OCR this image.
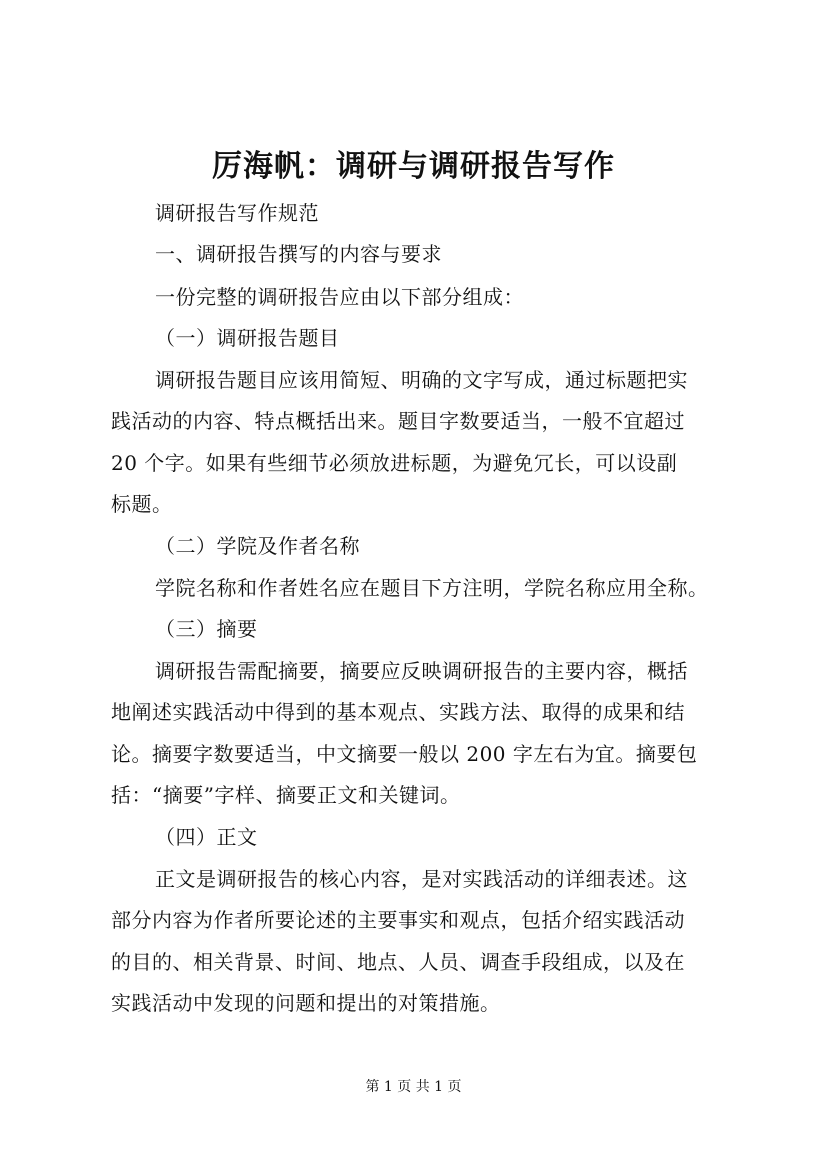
厉海帆：调研与调研报告写作
调研报告写作规范
一、调研报告撰写的内容与要求
一份完整的调研报告应由以下部分组成：
（一）调研报告题目
调研报告题目应该用简短、明确的文字写成，通过标题把实
践活动的内容、特点概括出来。题目字数要适当，一般不宜超过
20 个字。如果有些细节必须放进标题，为避免冗长，可以设副
标题。
（二）学院及作者名称
学院名称和作者姓名应在题目下方注明，学院名称应用全称。
（三）摘要
调研报告需配摘要，摘要应反映调研报告的主要内容，概括
地阐述实践活动中得到的基本观点、实践方法、取得的成果和结
论。摘要字数要适当，中文摘要一般以 200 字左右为宜。摘要包
括：“摘要”字样、摘要正文和关键词。
（四）正文
正文是调研报告的核心内容，是对实践活动的详细表述。这
部分内容为作者所要论述的主要事实和观点，包括介绍实践活动
的目的、相关背景、时间、地点、人员、调查手段组成，以及在
实践活动中发现的问题和提出的对策措施。
第 1 页 共 1 页
